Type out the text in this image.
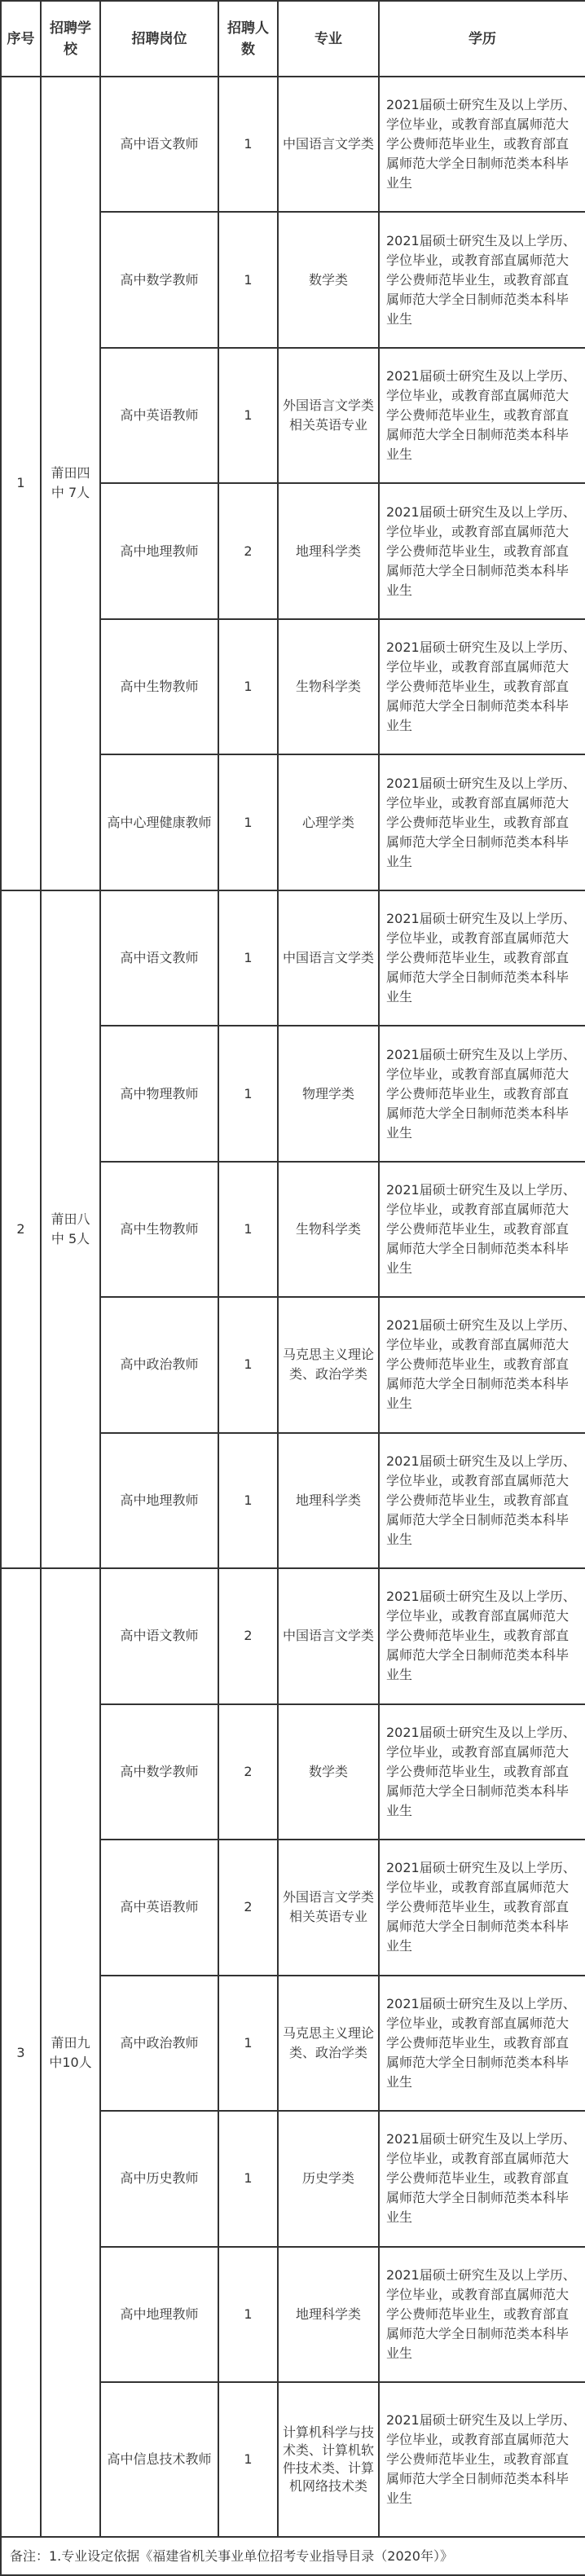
序号	招聘学校	招聘岗位	招聘人数	专业	学历
1	莆田四中 7人	高中语文教师	1	中国语言文学类	2021届硕士研究生及以上学历、学位毕业，或教育部直属师范大学公费师范毕业生，或教育部直属师范大学全日制师范类本科毕业生
		高中数学教师	1	数学类	2021届硕士研究生及以上学历、学位毕业，或教育部直属师范大学公费师范毕业生，或教育部直属师范大学全日制师范类本科毕业生
		高中英语教师	1	外国语言文学类相关英语专业	2021届硕士研究生及以上学历、学位毕业，或教育部直属师范大学公费师范毕业生，或教育部直属师范大学全日制师范类本科毕业生
		高中地理教师	2	地理科学类	2021届硕士研究生及以上学历、学位毕业，或教育部直属师范大学公费师范毕业生，或教育部直属师范大学全日制师范类本科毕业生
		高中生物教师	1	生物科学类	2021届硕士研究生及以上学历、学位毕业，或教育部直属师范大学公费师范毕业生，或教育部直属师范大学全日制师范类本科毕业生
		高中心理健康教师	1	心理学类	2021届硕士研究生及以上学历、学位毕业，或教育部直属师范大学公费师范毕业生，或教育部直属师范大学全日制师范类本科毕业生
2	莆田八中 5人	高中语文教师	1	中国语言文学类	2021届硕士研究生及以上学历、学位毕业，或教育部直属师范大学公费师范毕业生，或教育部直属师范大学全日制师范类本科毕业生
		高中物理教师	1	物理学类	2021届硕士研究生及以上学历、学位毕业，或教育部直属师范大学公费师范毕业生，或教育部直属师范大学全日制师范类本科毕业生
		高中生物教师	1	生物科学类	2021届硕士研究生及以上学历、学位毕业，或教育部直属师范大学公费师范毕业生，或教育部直属师范大学全日制师范类本科毕业生
		高中政治教师	1	马克思主义理论类、政治学类	2021届硕士研究生及以上学历、学位毕业，或教育部直属师范大学公费师范毕业生，或教育部直属师范大学全日制师范类本科毕业生
		高中地理教师	1	地理科学类	2021届硕士研究生及以上学历、学位毕业，或教育部直属师范大学公费师范毕业生，或教育部直属师范大学全日制师范类本科毕业生
3	莆田九中10人	高中语文教师	2	中国语言文学类	2021届硕士研究生及以上学历、学位毕业，或教育部直属师范大学公费师范毕业生，或教育部直属师范大学全日制师范类本科毕业生
		高中数学教师	2	数学类	2021届硕士研究生及以上学历、学位毕业，或教育部直属师范大学公费师范毕业生，或教育部直属师范大学全日制师范类本科毕业生
		高中英语教师	2	外国语言文学类相关英语专业	2021届硕士研究生及以上学历、学位毕业，或教育部直属师范大学公费师范毕业生，或教育部直属师范大学全日制师范类本科毕业生
		高中政治教师	1	马克思主义理论类、政治学类	2021届硕士研究生及以上学历、学位毕业，或教育部直属师范大学公费师范毕业生，或教育部直属师范大学全日制师范类本科毕业生
		高中历史教师	1	历史学类	2021届硕士研究生及以上学历、学位毕业，或教育部直属师范大学公费师范毕业生，或教育部直属师范大学全日制师范类本科毕业生
		高中地理教师	1	地理科学类	2021届硕士研究生及以上学历、学位毕业，或教育部直属师范大学公费师范毕业生，或教育部直属师范大学全日制师范类本科毕业生
		高中信息技术教师	1	计算机科学与技术类、计算机软件技术类、计算机网络技术类	2021届硕士研究生及以上学历、学位毕业，或教育部直属师范大学公费师范毕业生，或教育部直属师范大学全日制师范类本科毕业生
备注：1.专业设定依据《福建省机关事业单位招考专业指导目录（2020年）》					
